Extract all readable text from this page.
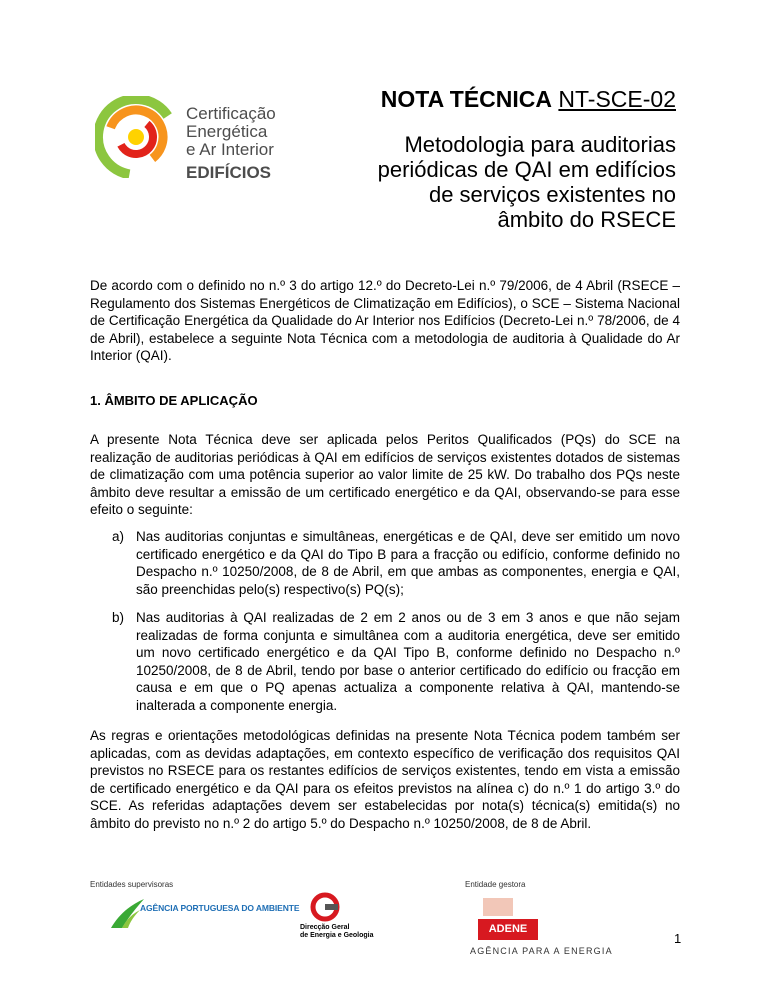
Certificação Energética
e Ar Interior
EDIFÍCIOS
NOTA TÉCNICA NT-SCE-02
Metodologia para auditorias
periódicas de QAI em edifícios
de serviços existentes no
âmbito do RSECE
De acordo com o definido no n.º 3 do artigo 12.º do Decreto-Lei n.º 79/2006, de 4 Abril (RSECE – Regulamento dos Sistemas Energéticos de Climatização em Edifícios), o SCE – Sistema Nacional de Certificação Energética da Qualidade do Ar Interior nos Edifícios (Decreto-Lei n.º 78/2006, de 4 de Abril), estabelece a seguinte Nota Técnica com a metodologia de auditoria à Qualidade do Ar Interior (QAI).
1. ÂMBITO DE APLICAÇÃO
A presente Nota Técnica deve ser aplicada pelos Peritos Qualificados (PQs) do SCE na realização de auditorias periódicas à QAI em edifícios de serviços existentes dotados de sistemas de climatização com uma potência superior ao valor limite de 25 kW. Do trabalho dos PQs neste âmbito deve resultar a emissão de um certificado energético e da QAI, observando-se para esse efeito o seguinte:
a) Nas auditorias conjuntas e simultâneas, energéticas e de QAI, deve ser emitido um novo certificado energético e da QAI do Tipo B para a fracção ou edifício, conforme definido no Despacho n.º 10250/2008, de 8 de Abril, em que ambas as componentes, energia e QAI, são preenchidas pelo(s) respectivo(s) PQ(s);
b) Nas auditorias à QAI realizadas de 2 em 2 anos ou de 3 em 3 anos e que não sejam realizadas de forma conjunta e simultânea com a auditoria energética, deve ser emitido um novo certificado energético e da QAI Tipo B, conforme definido no Despacho n.º 10250/2008, de 8 de Abril, tendo por base o anterior certificado do edifício ou fracção em causa e em que o PQ apenas actualiza a componente relativa à QAI, mantendo-se inalterada a componente energia.
As regras e orientações metodológicas definidas na presente Nota Técnica podem também ser aplicadas, com as devidas adaptações, em contexto específico de verificação dos requisitos QAI previstos no RSECE para os restantes edifícios de serviços existentes, tendo em vista a emissão de certificado energético e da QAI para os efeitos previstos na alínea c) do n.º 1 do artigo 3.º do SCE. As referidas adaptações devem ser estabelecidas por nota(s) técnica(s) emitida(s) no âmbito do previsto no n.º 2 do artigo 5.º do Despacho n.º 10250/2008, de 8 de Abril.
Entidades supervisoras	Entidade gestora
AGÊNCIA PORTUGUESA DO AMBIENTE
Direcção Geral
de Energia e Geologia
ADENE
AGÊNCIA PARA A ENERGIA
1
